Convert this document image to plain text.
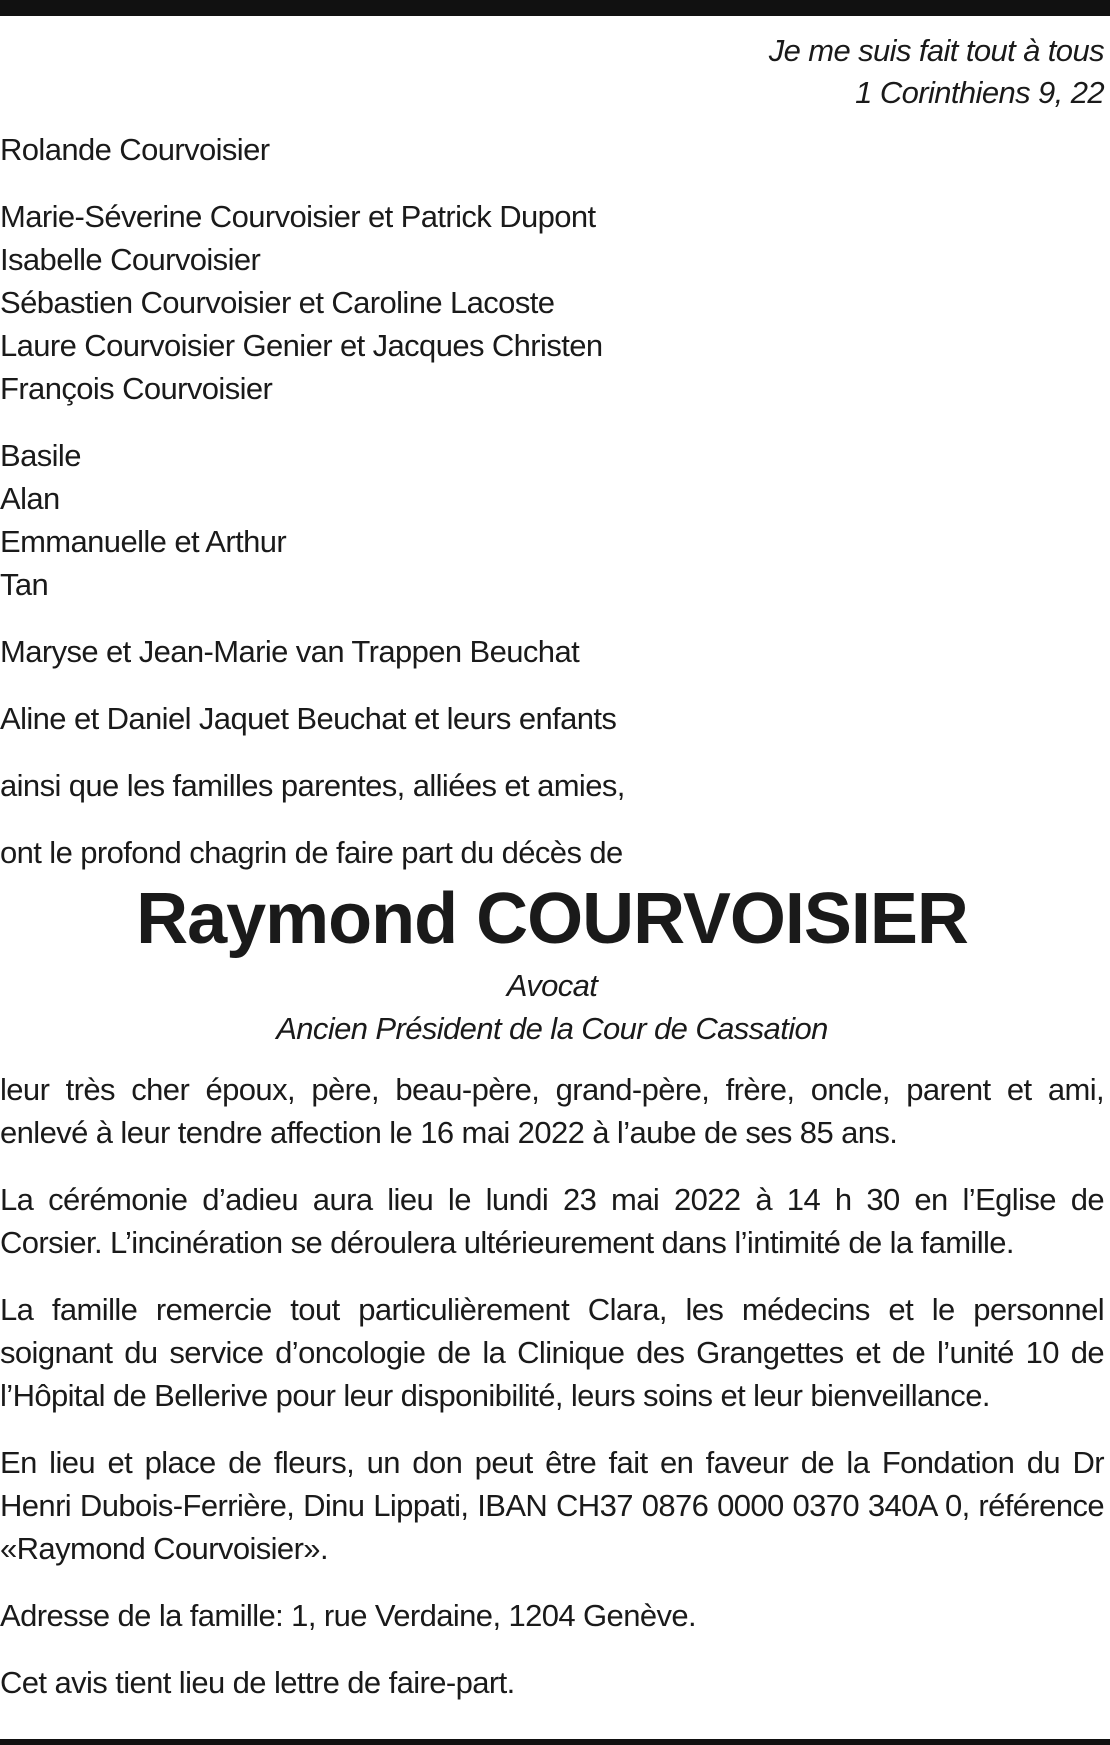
Je me suis fait tout à tous
1 Corinthiens 9, 22
Rolande Courvoisier
Marie-Séverine Courvoisier et Patrick Dupont
Isabelle Courvoisier
Sébastien Courvoisier et Caroline Lacoste
Laure Courvoisier Genier et Jacques Christen
François Courvoisier
Basile
Alan
Emmanuelle et Arthur
Tan
Maryse et Jean-Marie van Trappen Beuchat
Aline et Daniel Jaquet Beuchat et leurs enfants
ainsi que les familles parentes, alliées et amies,
ont le profond chagrin de faire part du décès de
Raymond COURVOISIER
Avocat
Ancien Président de la Cour de Cassation
leur très cher époux, père, beau-père, grand-père, frère, oncle, parent et ami, enlevé à leur tendre affection le 16 mai 2022 à l’aube de ses 85 ans.
La cérémonie d’adieu aura lieu le lundi 23 mai 2022 à 14 h 30 en l’Eglise de Corsier. L’incinération se déroulera ultérieurement dans l’intimité de la famille.
La famille remercie tout particulièrement Clara, les médecins et le personnel soignant du service d’oncologie de la Clinique des Grangettes et de l’unité 10 de l’Hôpital de Bellerive pour leur disponibilité, leurs soins et leur bienveillance.
En lieu et place de fleurs, un don peut être fait en faveur de la Fondation du Dr Henri Dubois-Ferrière, Dinu Lippati, IBAN CH37 0876 0000 0370 340A 0, référence «Raymond Courvoisier».
Adresse de la famille: 1, rue Verdaine, 1204 Genève.
Cet avis tient lieu de lettre de faire-part.
